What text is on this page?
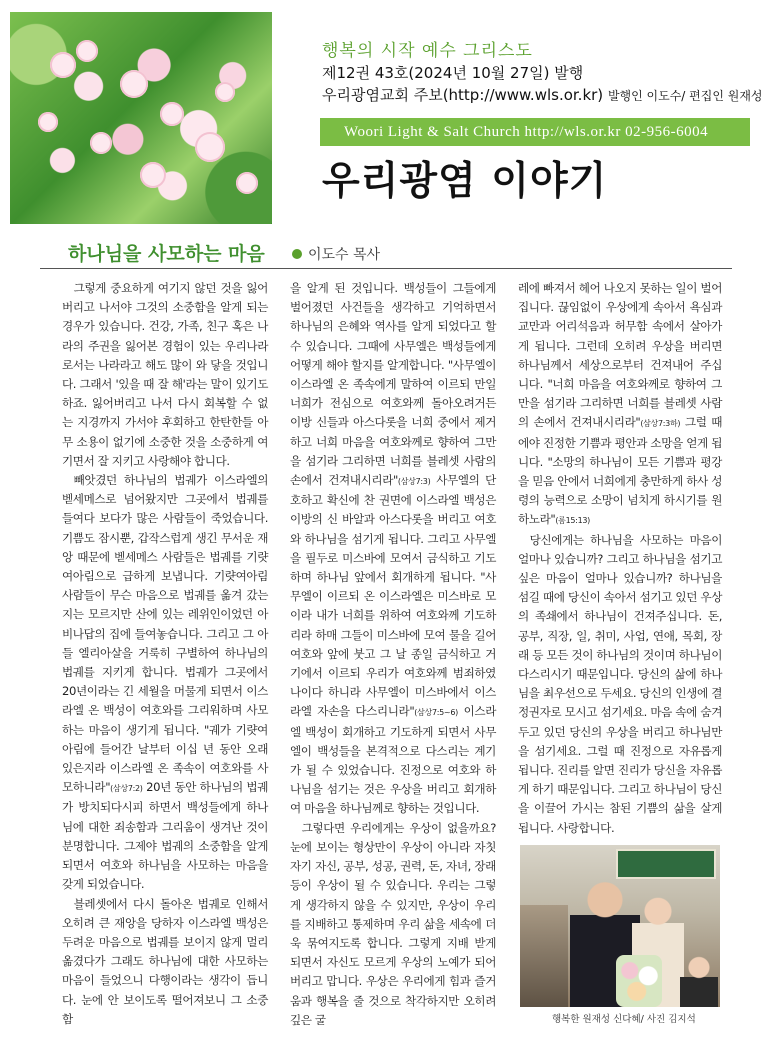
행복의 시작 예수 그리스도
제12권 43호(2024년 10월 27일) 발행
우리광염교회 주보(http://www.wls.or.kr) 발행인 이도수/ 편집인 원재성
Woori Light & Salt Church http://wls.or.kr 02-956-6004
우리광염 이야기
하나님을 사모하는 마음	이도수 목사

그렇게 중요하게 여기지 않던 것을 잃어버리고 나서야 그것의 소중함을 알게 되는 경우가 있습니다. 건강, 가족, 친구 혹은 나라의 주권을 잃어본 경험이 있는 우리나라 로서는 나라라고 해도 많이 와 닿을 것입니다. 그래서 '있을 때 잘 해'라는 말이 있기도 하죠. 잃어버리고 나서 다시 회복할 수 없는 지경까지 가서야 후회하고 한탄한들 아무 소용이 없기에 소중한 것을 소중하게 여기면서 잘 지키고 사랑해야 합니다.

빼앗겼던 하나님의 법궤가 이스라엘의 벧세메스로 넘어왔지만 그곳에서 법궤를 들여다 보다가 많은 사람들이 죽었습니다. 기쁨도 잠시뿐, 갑작스럽게 생긴 무서운 재앙 때문에 벧세메스 사람들은 법궤를 기럇여아림으로 급하게 보냅니다. 기럇여아림 사람들이 무슨 마음으로 법궤를 옮겨 갔는지는 모르지만 산에 있는 레위인이었던 아비나답의 집에 들여놓습니다. 그리고 그 아들 엘리아살을 거룩히 구별하여 하나님의 법궤를 지키게 합니다. 법궤가 그곳에서 20년이라는 긴 세월을 머물게 되면서 이스라엘 온 백성이 여호와를 그리워하며 사모하는 마음이 생기게 됩니다. "궤가 기럇여아림에 들어간 날부터 이십 년 동안 오래 있은지라 이스라엘 온 족속이 여호와를 사모하니라"(삼상7:2) 20년 동안 하나님의 법궤가 방치되다시피 하면서 백성들에게 하나님에 대한 죄송함과 그리움이 생겨난 것이 분명합니다. 그제야 법궤의 소중함을 알게 되면서 여호와 하나님을 사모하는 마음을 갖게 되었습니다.

블레셋에서 다시 돌아온 법궤로 인해서 오히려 큰 재앙을 당하자 이스라엘 백성은 두려운 마음으로 법궤를 보이지 않게 멀리 옮겼다가 그래도 하나님에 대한 사모하는 마음이 들었으니 다행이라는 생각이 듭니다. 눈에 안 보이도록 떨어져보니 그 소중함

을 알게 된 것입니다. 백성들이 그들에게 벌어졌던 사건들을 생각하고 기억하면서 하나님의 은혜와 역사를 알게 되었다고 할 수 있습니다. 그때에 사무엘은 백성들에게 어떻게 해야 할지를 알게합니다. "사무엘이 이스라엘 온 족속에게 말하여 이르되 만일 너희가 전심으로 여호와께 돌아오려거든 이방 신들과 아스다롯을 너희 중에서 제거하고 너희 마음을 여호와께로 향하여 그만을 섬기라 그리하면 너희를 블레셋 사람의 손에서 건져내시리라"(삼상7:3) 사무엘의 단호하고 확신에 찬 권면에 이스라엘 백성은 이방의 신 바알과 아스다롯을 버리고 여호와 하나님을 섬기게 됩니다. 그리고 사무엘을 필두로 미스바에 모여서 금식하고 기도하며 하나님 앞에서 회개하게 됩니다. "사무엘이 이르되 온 이스라엘은 미스바로 모이라 내가 너희를 위하여 여호와께 기도하리라 하매 그들이 미스바에 모여 물을 길어 여호와 앞에 붓고 그 날 종일 금식하고 거기에서 이르되 우리가 여호와께 범죄하였나이다 하니라 사무엘이 미스바에서 이스라엘 자손을 다스리니라"(삼상7:5~6) 이스라엘 백성이 회개하고 기도하게 되면서 사무엘이 백성들을 본격적으로 다스리는 계기가 될 수 있었습니다. 진정으로 여호와 하나님을 섬기는 것은 우상을 버리고 회개하여 마음을 하나님께로 향하는 것입니다.

그렇다면 우리에게는 우상이 없을까요? 눈에 보이는 형상만이 우상이 아니라 자칫 자기 자신, 공부, 성공, 권력, 돈, 자녀, 장래 등이 우상이 될 수 있습니다. 우리는 그렇게 생각하지 않을 수 있지만, 우상이 우리를 지배하고 통제하며 우리 삶을 세속에 더욱 묶여지도록 합니다. 그렇게 지배 받게 되면서 자신도 모르게 우상의 노예가 되어버리고 맙니다. 우상은 우리에게 힘과 즐거움과 행복을 줄 것으로 착각하지만 오히려 깊은 굴

레에 빠져서 헤어 나오지 못하는 일이 벌어집니다. 끊임없이 우상에게 속아서 욕심과 교만과 어리석음과 허무함 속에서 살아가게 됩니다. 그런데 오히려 우상을 버리면 하나님께서 세상으로부터 건져내어 주십니다. "너희 마음을 여호와께로 향하여 그만을 섬기라 그리하면 너희를 블레셋 사람의 손에서 건져내시리라"(삼상7:3하) 그럴 때에야 진정한 기쁨과 평안과 소망을 얻게 됩니다. "소망의 하나님이 모든 기쁨과 평강을 믿음 안에서 너희에게 충만하게 하사 성령의 능력으로 소망이 넘치게 하시기를 원하노라"(롬15:13)

당신에게는 하나님을 사모하는 마음이 얼마나 있습니까? 그리고 하나님을 섬기고 싶은 마음이 얼마나 있습니까? 하나님을 섬길 때에 당신이 속아서 섬기고 있던 우상의 족쇄에서 하나님이 건져주십니다. 돈, 공부, 직장, 일, 취미, 사업, 연애, 목회, 장래 등 모든 것이 하나님의 것이며 하나님이 다스리시기 때문입니다. 당신의 삶에 하나님을 최우선으로 두세요. 당신의 인생에 결정권자로 모시고 섬기세요. 마음 속에 숨겨두고 있던 당신의 우상을 버리고 하나님만을 섬기세요. 그럴 때 진정으로 자유롭게 됩니다. 진리를 알면 진리가 당신을 자유롭게 하기 때문입니다. 그리고 하나님이 당신을 이끌어 가시는 참된 기쁨의 삶을 살게 됩니다. 사랑합니다.

행복한 원재성 신다혜/ 사진 김지석
